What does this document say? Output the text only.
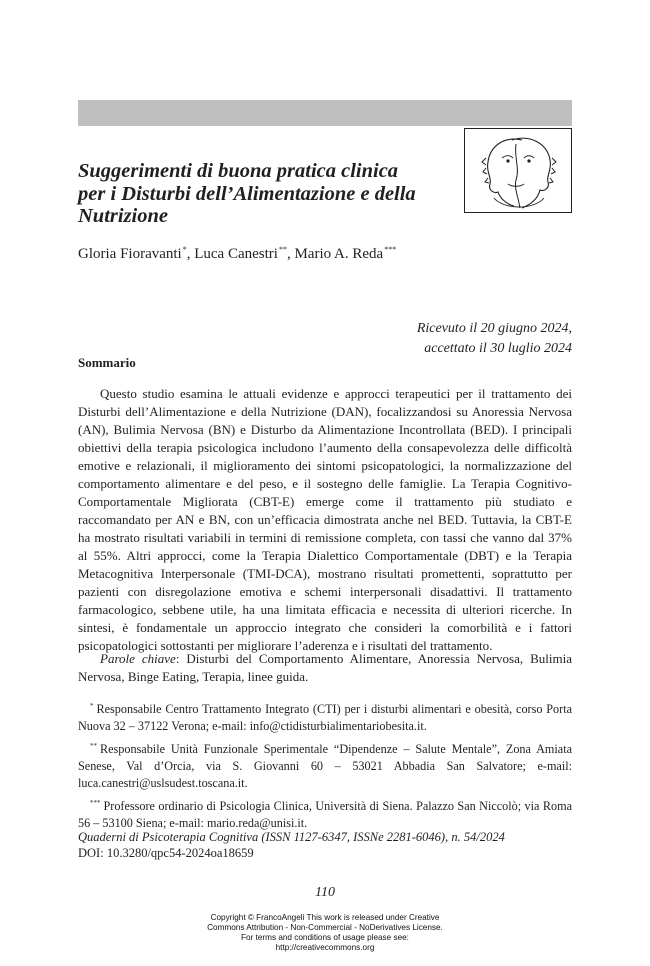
Suggerimenti di buona pratica clinica
per i Disturbi dell’Alimentazione e della
Nutrizione
Gloria Fioravanti*, Luca Canestri**, Mario A. Reda***
Ricevuto il 20 giugno 2024,
accettato il 30 luglio 2024
Sommario

Questo studio esamina le attuali evidenze e approcci terapeutici per il trattamento dei Disturbi dell’Alimentazione e della Nutrizione (DAN), focalizzandosi su Anoressia Nervosa (AN), Bulimia Nervosa (BN) e Disturbo da Alimentazione Incontrollata (BED). I principali obiettivi della terapia psicologica includono l’aumento della consapevolezza delle difficoltà emotive e relazionali, il miglioramento dei sintomi psicopatologici, la normalizzazione del comportamento alimentare e del peso, e il sostegno delle famiglie. La Terapia Cognitivo-Comportamentale Migliorata (CBT-E) emerge come il trattamento più studiato e raccomandato per AN e BN, con un’efficacia dimostrata anche nel BED. Tuttavia, la CBT-E ha mostrato risultati variabili in termini di remissione completa, con tassi che vanno dal 37% al 55%. Altri approcci, come la Terapia Dialettico Comportamentale (DBT) e la Terapia Metacognitiva Interpersonale (TMI-DCA), mostrano risultati promettenti, soprattutto per pazienti con disregolazione emotiva e schemi interpersonali disadattivi. Il trattamento farmacologico, sebbene utile, ha una limitata efficacia e necessita di ulteriori ricerche. In sintesi, è fondamentale un approccio integrato che consideri la comorbilità e i fattori psicopatologici sottostanti per migliorare l’aderenza e i risultati del trattamento.

Parole chiave: Disturbi del Comportamento Alimentare, Anoressia Nervosa, Bulimia Nervosa, Binge Eating, Terapia, linee guida.

* Responsabile Centro Trattamento Integrato (CTI) per i disturbi alimentari e obesità, corso Porta Nuova 32 – 37122 Verona; e-mail: info@ctidisturbialimentariobesita.it.

** Responsabile Unità Funzionale Sperimentale “Dipendenze – Salute Mentale”, Zona Amiata Senese, Val d’Orcia, via S. Giovanni 60 – 53021 Abbadia San Salvatore; e-mail: luca.canestri@uslsudest.toscana.it.

*** Professore ordinario di Psicologia Clinica, Università di Siena. Palazzo San Niccolò; via Roma 56 – 53100 Siena; e-mail: mario.reda@unisi.it.

Quaderni di Psicoterapia Cognitiva (ISSN 1127-6347, ISSNe 2281-6046), n. 54/2024
DOI: 10.3280/qpc54-2024oa18659
110
Copyright © FrancoAngeli This work is released under Creative
Commons Attribution - Non-Commercial - NoDerivatives License.
For terms and conditions of usage please see:
http://creativecommons.org
